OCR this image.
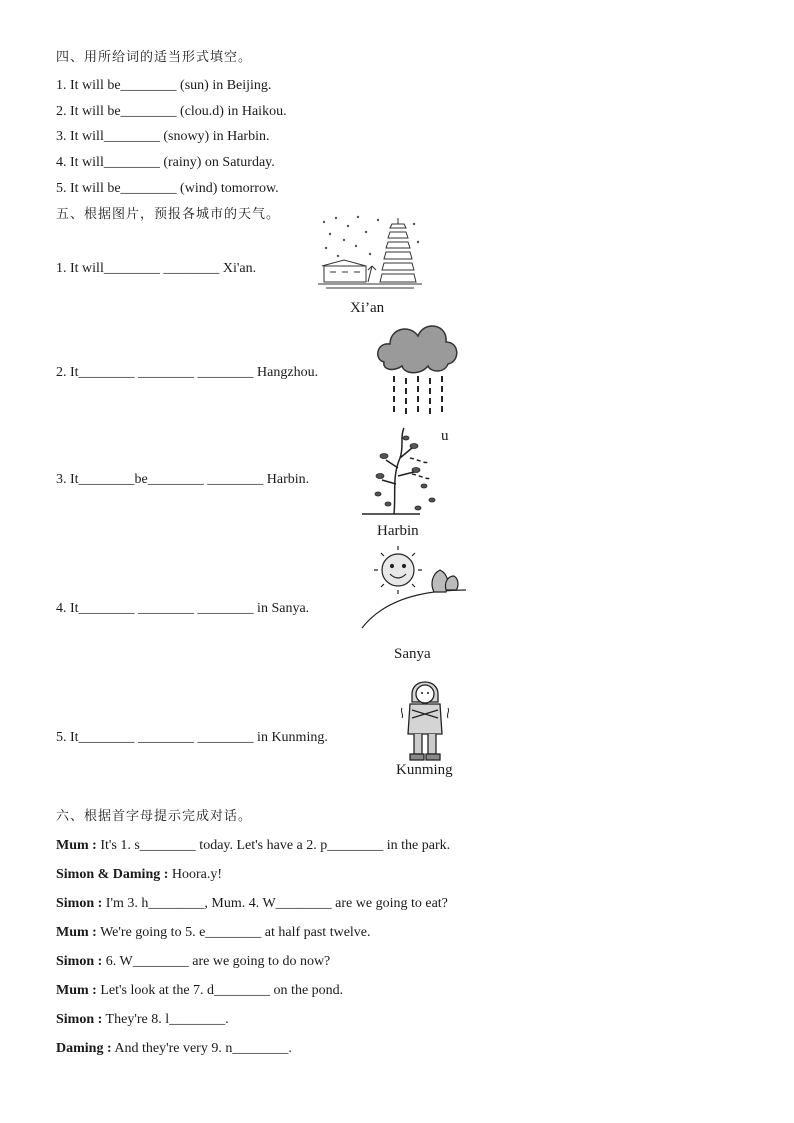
四、用所给词的适当形式填空。
1. It will be________ (sun) in Beijing.
2. It will be________ (clou.d) in Haikou.
3. It will________ (snowy) in Harbin.
4. It will________ (rainy) on Saturday.
5. It will be________ (wind) tomorrow.
五、根据图片，预报各城市的天气。
1. It will________ ________ Xi'an.
Xi’an
2. It________ ________ ________ Hangzhou.
u
3. It________be________ ________ Harbin.
Harbin
4. It________ ________ ________ in Sanya.
Sanya
5. It________ ________ ________ in Kunming.
Kunming
六、根据首字母提示完成对话。
Mum : It's 1. s________ today. Let's have a 2. p________ in the park.
Simon & Daming : Hoora.y!
Simon : I'm 3. h________, Mum. 4. W________ are we going to eat?
Mum : We're going to 5. e________ at half past twelve.
Simon : 6. W________ are we going to do now?
Mum : Let's look at the 7. d________ on the pond.
Simon : They're 8. l________.
Daming : And they're very 9. n________.
